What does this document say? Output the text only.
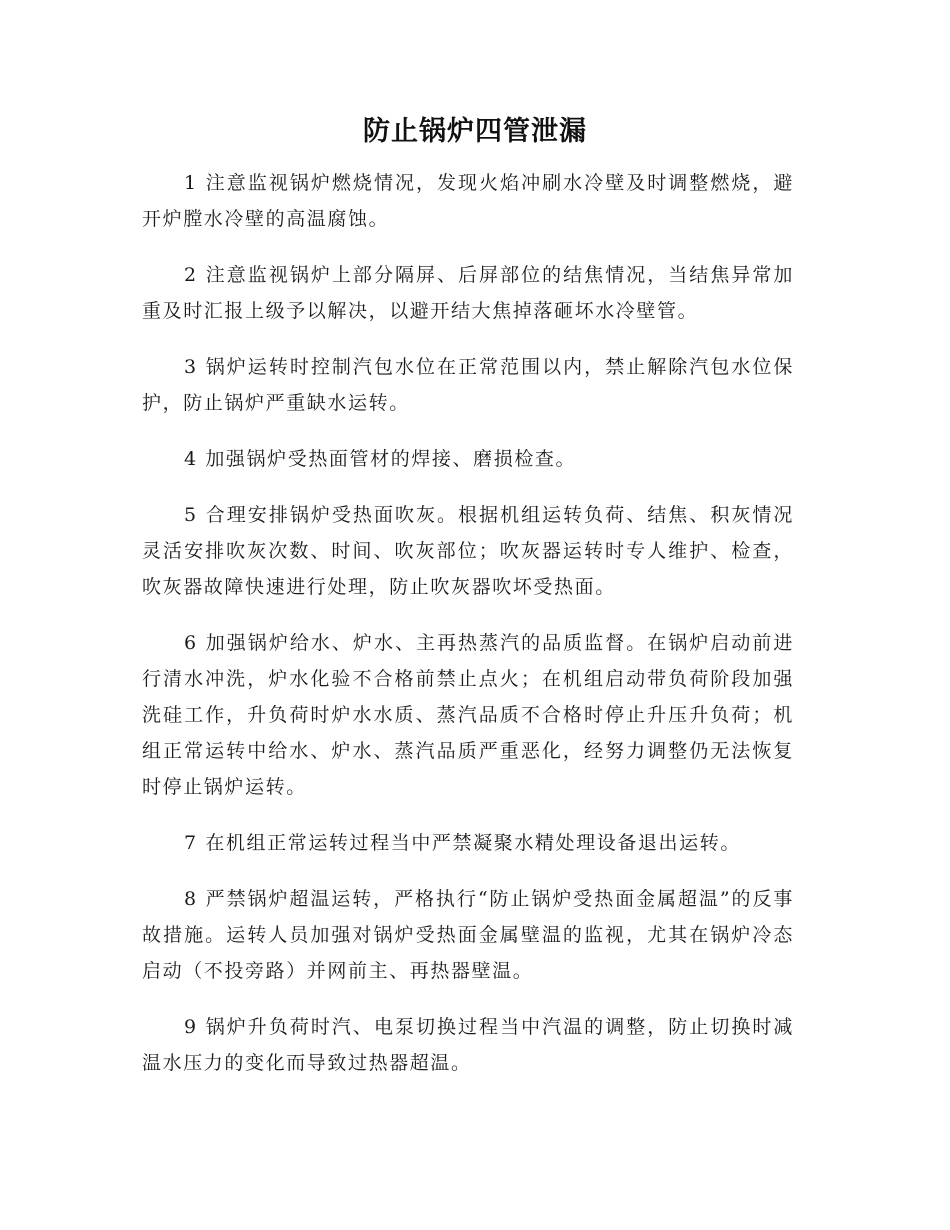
防止锅炉四管泄漏

1 注意监视锅炉燃烧情况，发现火焰冲刷水冷壁及时调整燃烧，避开炉膛水冷壁的高温腐蚀。

2 注意监视锅炉上部分隔屏、后屏部位的结焦情况，当结焦异常加重及时汇报上级予以解决，以避开结大焦掉落砸坏水冷壁管。

3 锅炉运转时控制汽包水位在正常范围以内，禁止解除汽包水位保护，防止锅炉严重缺水运转。

4 加强锅炉受热面管材的焊接、磨损检查。

5 合理安排锅炉受热面吹灰。根据机组运转负荷、结焦、积灰情况灵活安排吹灰次数、时间、吹灰部位；吹灰器运转时专人维护、检查，吹灰器故障快速进行处理，防止吹灰器吹坏受热面。

6 加强锅炉给水、炉水、主再热蒸汽的品质监督。在锅炉启动前进行清水冲洗，炉水化验不合格前禁止点火；在机组启动带负荷阶段加强洗硅工作，升负荷时炉水水质、蒸汽品质不合格时停止升压升负荷；机组正常运转中给水、炉水、蒸汽品质严重恶化，经努力调整仍无法恢复时停止锅炉运转。

7 在机组正常运转过程当中严禁凝聚水精处理设备退出运转。

8 严禁锅炉超温运转，严格执行“防止锅炉受热面金属超温”的反事故措施。运转人员加强对锅炉受热面金属壁温的监视，尤其在锅炉冷态启动（不投旁路）并网前主、再热器壁温。

9 锅炉升负荷时汽、电泵切换过程当中汽温的调整，防止切换时减温水压力的变化而导致过热器超温。
